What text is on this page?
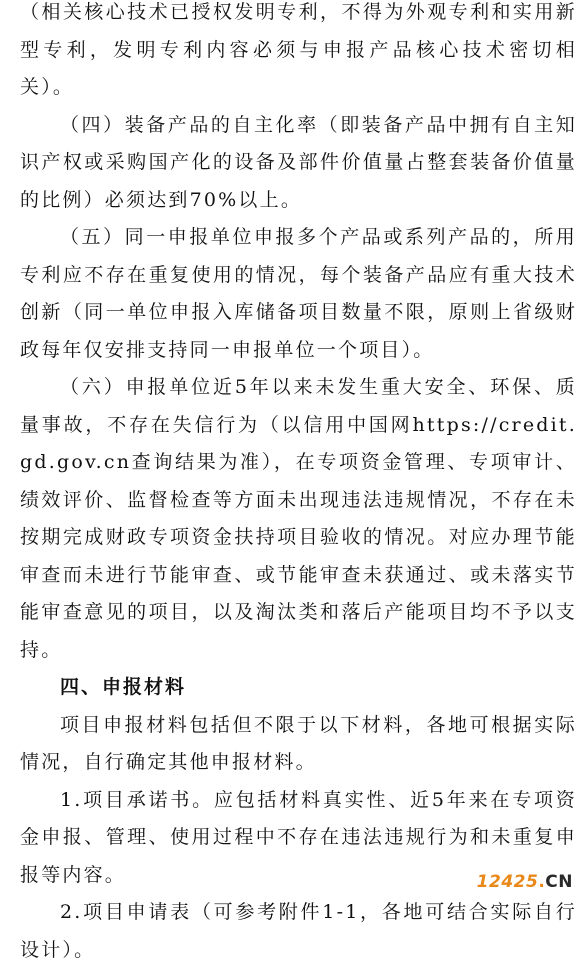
（相关核心技术已授权发明专利，不得为外观专利和实用新型专利，发明专利内容必须与申报产品核心技术密切相关）。

（四）装备产品的自主化率（即装备产品中拥有自主知识产权或采购国产化的设备及部件价值量占整套装备价值量的比例）必须达到70%以上。

（五）同一申报单位申报多个产品或系列产品的，所用专利应不存在重复使用的情况，每个装备产品应有重大技术创新（同一单位申报入库储备项目数量不限，原则上省级财政每年仅安排支持同一申报单位一个项目）。

（六）申报单位近5年以来未发生重大安全、环保、质量事故，不存在失信行为（以信用中国网https://credit.gd.gov.cn查询结果为准），在专项资金管理、专项审计、绩效评价、监督检查等方面未出现违法违规情况，不存在未按期完成财政专项资金扶持项目验收的情况。对应办理节能审查而未进行节能审查、或节能审查未获通过、或未落实节能审查意见的项目，以及淘汰类和落后产能项目均不予以支持。

四、申报材料

项目申报材料包括但不限于以下材料，各地可根据实际情况，自行确定其他申报材料。

1.项目承诺书。应包括材料真实性、近5年来在专项资金申报、管理、使用过程中不存在违法违规行为和未重复申报等内容。

2.项目申请表（可参考附件1-1，各地可结合实际自行设计）。

12425.CN
